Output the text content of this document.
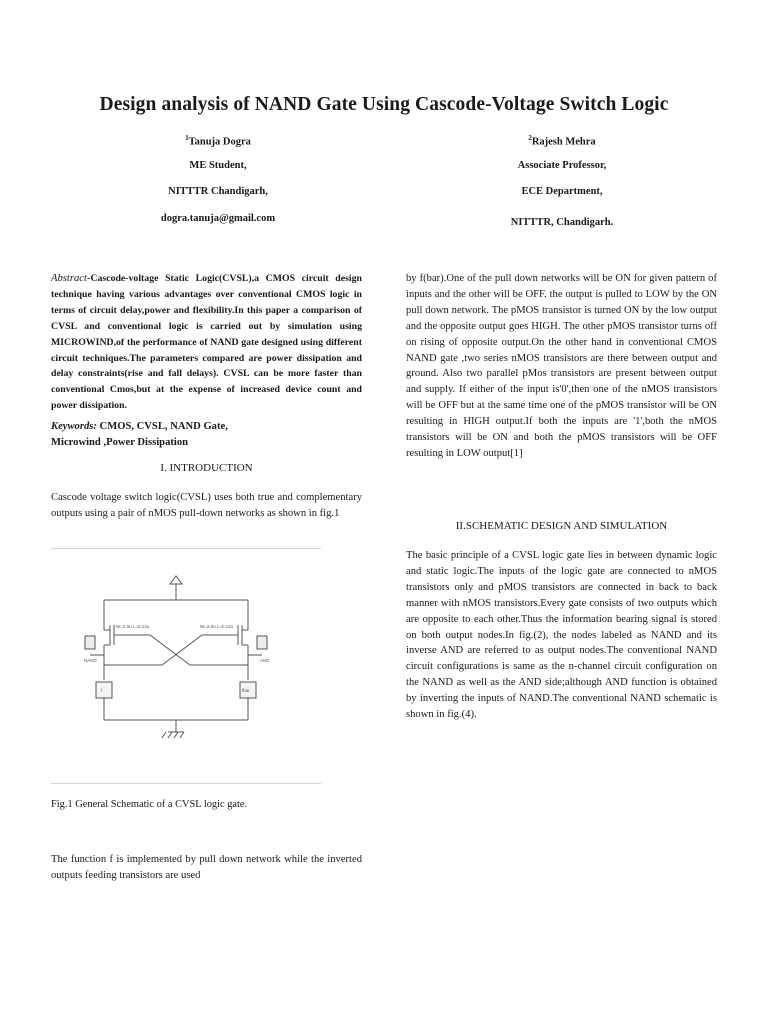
Design analysis of NAND Gate Using Cascode-Voltage Switch Logic
$^1$Tanuja Dogra
ME Student,
NITTTR Chandigarh,
dogra.tanuja@gmail.com
$^2$Rajesh Mehra
Associate Professor,
ECE Department,
NITTTR, Chandigarh.

Abstract-Cascode-voltage Static Logic(CVSL),a CMOS circuit design technique having various advantages over conventional CMOS logic in terms of circuit delay,power and flexibility.In this paper a comparison of CVSL and conventional logic is carried out by simulation using MICROWIND,of the performance of NAND gate designed using different circuit techniques.The parameters compared are power dissipation and delay constraints(rise and fall delays). CVSL can be more faster than conventional Cmos,but at the expense of increased device count and power dissipation.

Keywords: CMOS, CVSL, NAND Gate, Microwind ,Power Dissipation
I. INTRODUCTION
Cascode voltage switch logic(CVSL) uses both true and complementary outputs using a pair of nMOS pull-down networks as shown in fig.1
NAND	AND
f	fbar
W=2.0u L=0.12u	W=2.0u L=0.12u
Fig.1 General Schematic of a CVSL logic gate.
The function f is implemented by pull down network while the inverted outputs feeding transistors are used
by f(bar).One of the pull down networks will be ON for given pattern of inputs and the other will be OFF. the output is pulled to LOW by the ON pull down network. The pMOS transistor is turned ON by the low output and the opposite output goes HIGH. The other pMOS transistor turns off on rising of opposite output.On the other hand in conventional CMOS NAND gate ,two series nMOS transistors are there between output and ground. Also two parallel pMos transistors are present between output and supply. If either of the input is'0',then one of the nMOS transistors will be OFF but at the same time one of the pMOS transistor will be ON resulting in HIGH output.If both the inputs are '1',both the nMOS transistors will be ON and both the pMOS transistors will be OFF resulting in LOW output[1]
II.SCHEMATIC DESIGN AND SIMULATION
The basic principle of a CVSL logic gate lies in between dynamic logic and static logic.The inputs of the logic gate are connected to nMOS transistors only and pMOS transistors are connected in back to back manner with nMOS transistors.Every gate consists of two outputs which are opposite to each other.Thus the information bearing signal is stored on both output nodes.In fig.(2), the nodes labeled as NAND and its inverse AND are referred to as output nodes.The conventional NAND circuit configurations is same as the n-channel circuit configuration on the NAND as well as the AND side;although AND function is obtained by inverting the inputs of NAND.The conventional NAND schematic is shown in fig.(4).
